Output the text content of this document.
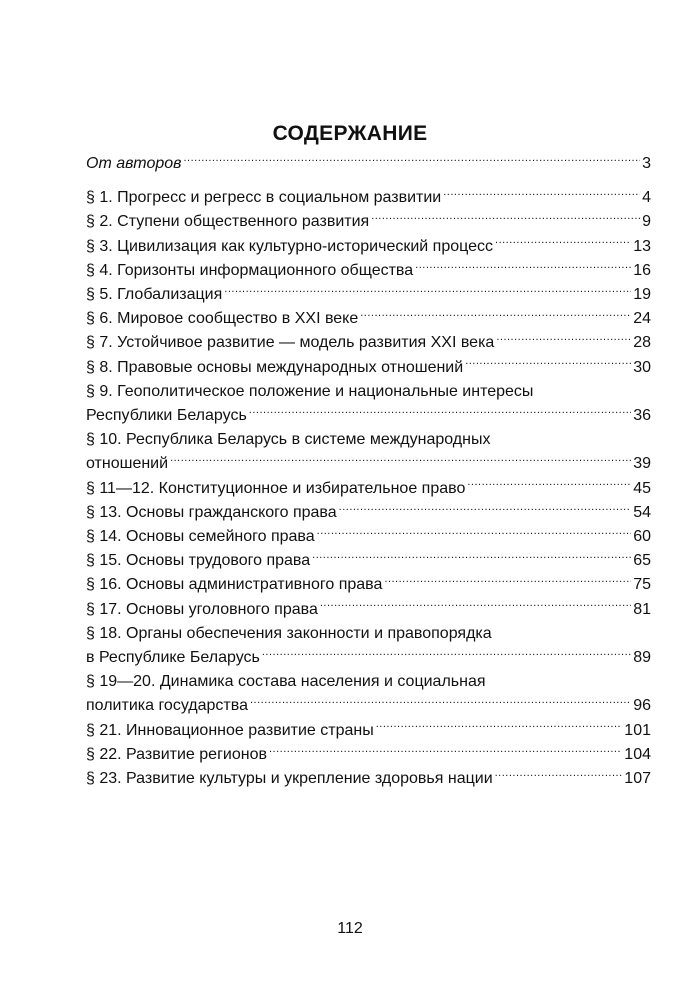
СОДЕРЖАНИЕ
От авторов .....	3
§ 1. Прогресс и регресс в социальном развитии .....	4
§ 2. Ступени общественного развития .....	9
§ 3. Цивилизация как культурно-исторический процесс .....	13
§ 4. Горизонты информационного общества .....	16
§ 5. Глобализация .....	19
§ 6. Мировое сообщество в XXI веке .....	24
§ 7. Устойчивое развитие — модель развития XXI века .....	28
§ 8. Правовые основы международных отношений .....	30
§ 9. Геополитическое положение и национальные интересы
Республики Беларусь .....	36
§ 10. Республика Беларусь в системе международных
отношений .....	39
§ 11—12. Конституционное и избирательное право .....	45
§ 13. Основы гражданского права .....	54
§ 14. Основы семейного права .....	60
§ 15. Основы трудового права .....	65
§ 16. Основы административного права .....	75
§ 17. Основы уголовного права .....	81
§ 18. Органы обеспечения законности и правопорядка
в Республике Беларусь .....	89
§ 19—20. Динамика состава населения и социальная
политика государства .....	96
§ 21. Инновационное развитие страны .....	101
§ 22. Развитие регионов .....	104
§ 23. Развитие культуры и укрепление здоровья нации .....	107
112
